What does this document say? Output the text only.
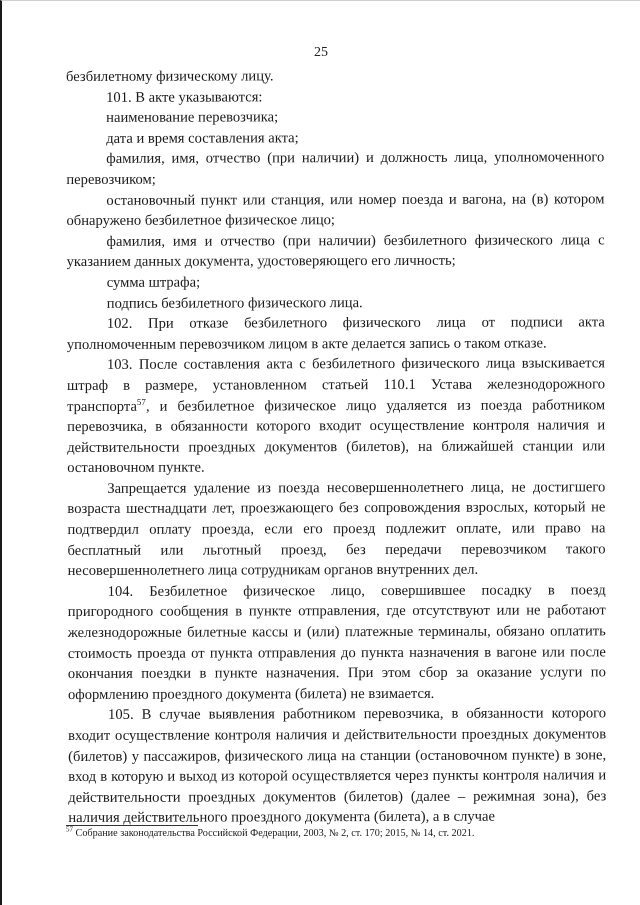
25

безбилетному физическому лицу.

101. В акте указываются:

наименование перевозчика;

дата и время составления акта;

фамилия, имя, отчество (при наличии) и должность лица, уполномоченного перевозчиком;

остановочный пункт или станция, или номер поезда и вагона, на (в) котором обнаружено безбилетное физическое лицо;

фамилия, имя и отчество (при наличии) безбилетного физического лица с указанием данных документа, удостоверяющего его личность;

сумма штрафа;

подпись безбилетного физического лица.

102. При отказе безбилетного физического лица от подписи акта уполномоченным перевозчиком лицом в акте делается запись о таком отказе.

103. После составления акта с безбилетного физического лица взыскивается штраф в размере, установленном статьей 110.1 Устава железнодорожного транспорта$^{57}$, и безбилетное физическое лицо удаляется из поезда работником перевозчика, в обязанности которого входит осуществление контроля наличия и действительности проездных документов (билетов), на ближайшей станции или остановочном пункте.

Запрещается удаление из поезда несовершеннолетнего лица, не достигшего возраста шестнадцати лет, проезжающего без сопровождения взрослых, который не подтвердил оплату проезда, если его проезд подлежит оплате, или право на бесплатный или льготный проезд, без передачи перевозчиком такого несовершеннолетнего лица сотрудникам органов внутренних дел.

104. Безбилетное физическое лицо, совершившее посадку в поезд пригородного сообщения в пункте отправления, где отсутствуют или не работают железнодорожные билетные кассы и (или) платежные терминалы, обязано оплатить стоимость проезда от пункта отправления до пункта назначения в вагоне или после окончания поездки в пункте назначения. При этом сбор за оказание услуги по оформлению проездного документа (билета) не взимается.

105. В случае выявления работником перевозчика, в обязанности которого входит осуществление контроля наличия и действительности проездных документов (билетов) у пассажиров, физического лица на станции (остановочном пункте) в зоне, вход в которую и выход из которой осуществляется через пункты контроля наличия и действительности проездных документов (билетов) (далее – режимная зона), без наличия действительного проездного документа (билета), а в случае

$^{57}$ Собрание законодательства Российской Федерации, 2003, № 2, ст. 170; 2015, № 14, ст. 2021.
